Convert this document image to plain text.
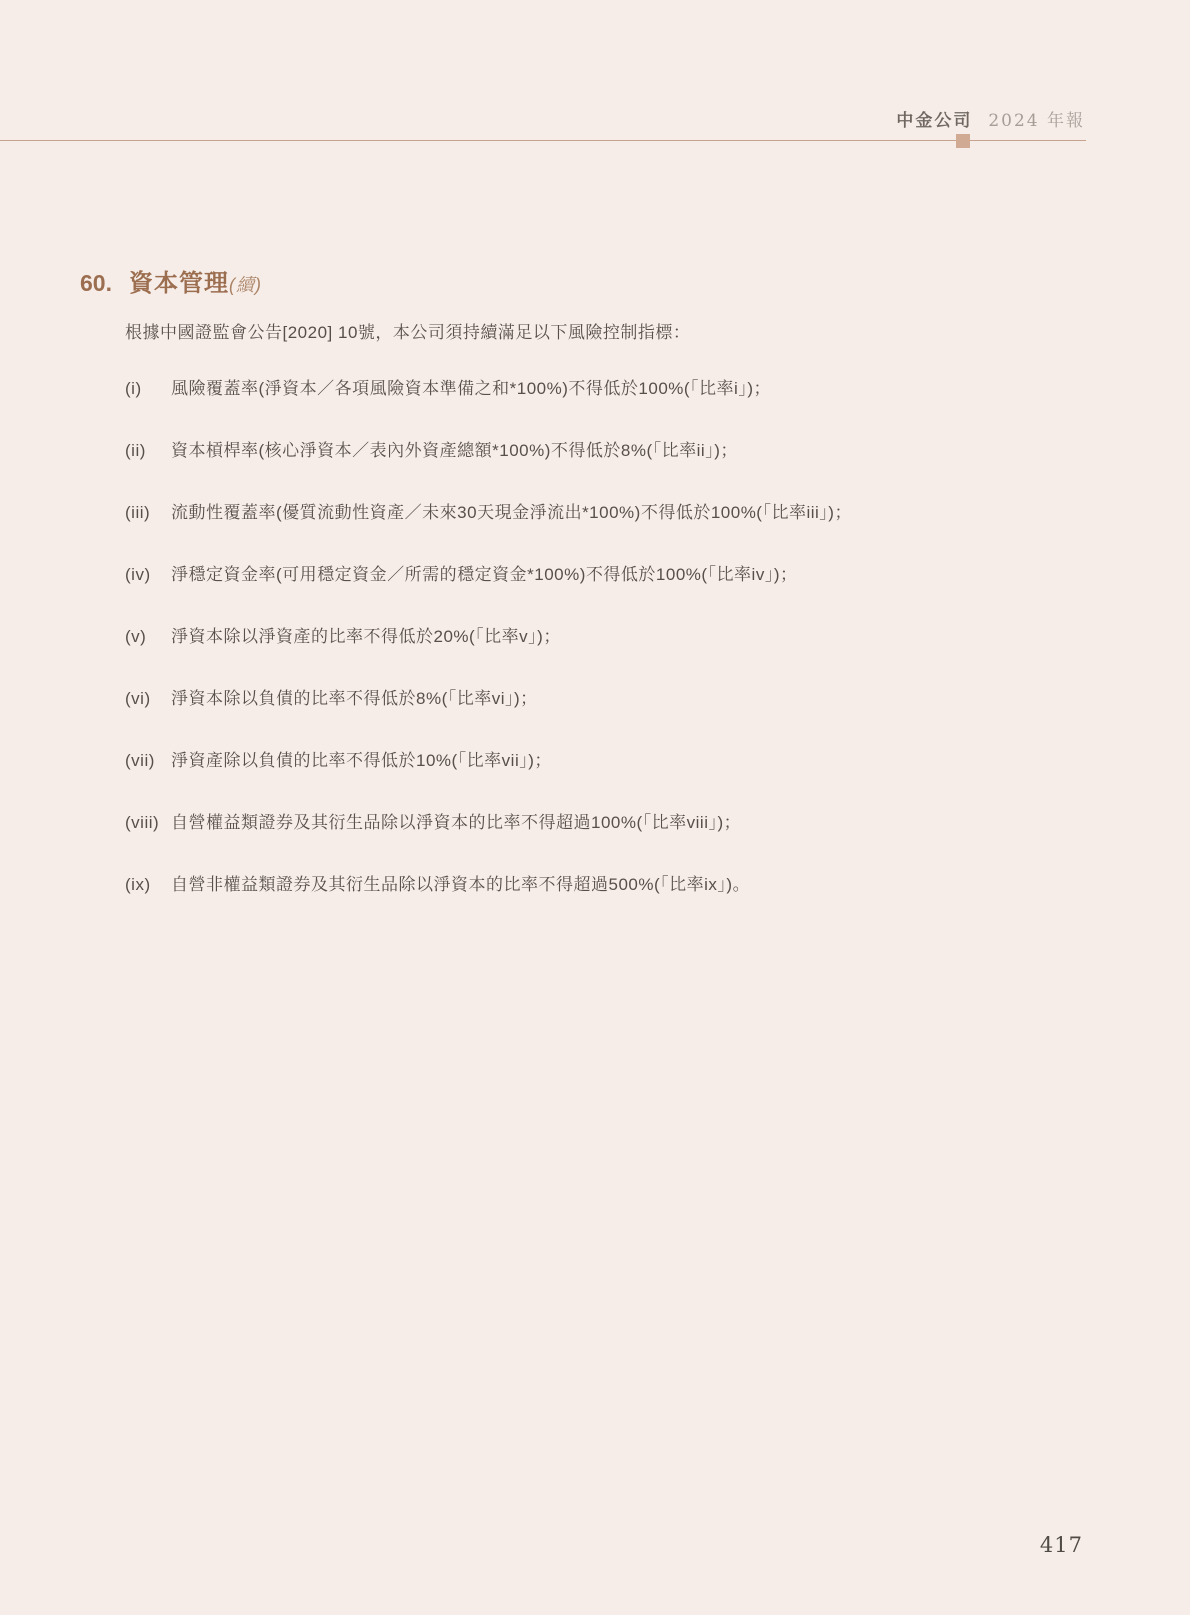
中金公司 2024 年報
60. 資本管理(續)
根據中國證監會公告[2020] 10號，本公司須持續滿足以下風險控制指標：
(i)	風險覆蓋率(淨資本／各項風險資本準備之和*100%)不得低於100%(「比率i」)；
(ii)	資本槓桿率(核心淨資本／表內外資產總額*100%)不得低於8%(「比率ii」)；
(iii)	流動性覆蓋率(優質流動性資產／未來30天現金淨流出*100%)不得低於100%(「比率iii」)；
(iv)	淨穩定資金率(可用穩定資金／所需的穩定資金*100%)不得低於100%(「比率iv」)；
(v)	淨資本除以淨資產的比率不得低於20%(「比率v」)；
(vi)	淨資本除以負債的比率不得低於8%(「比率vi」)；
(vii) 淨資產除以負債的比率不得低於10%(「比率vii」)；
(viii) 自營權益類證券及其衍生品除以淨資本的比率不得超過100%(「比率viii」)；
(ix)	自營非權益類證券及其衍生品除以淨資本的比率不得超過500%(「比率ix」)。
417
